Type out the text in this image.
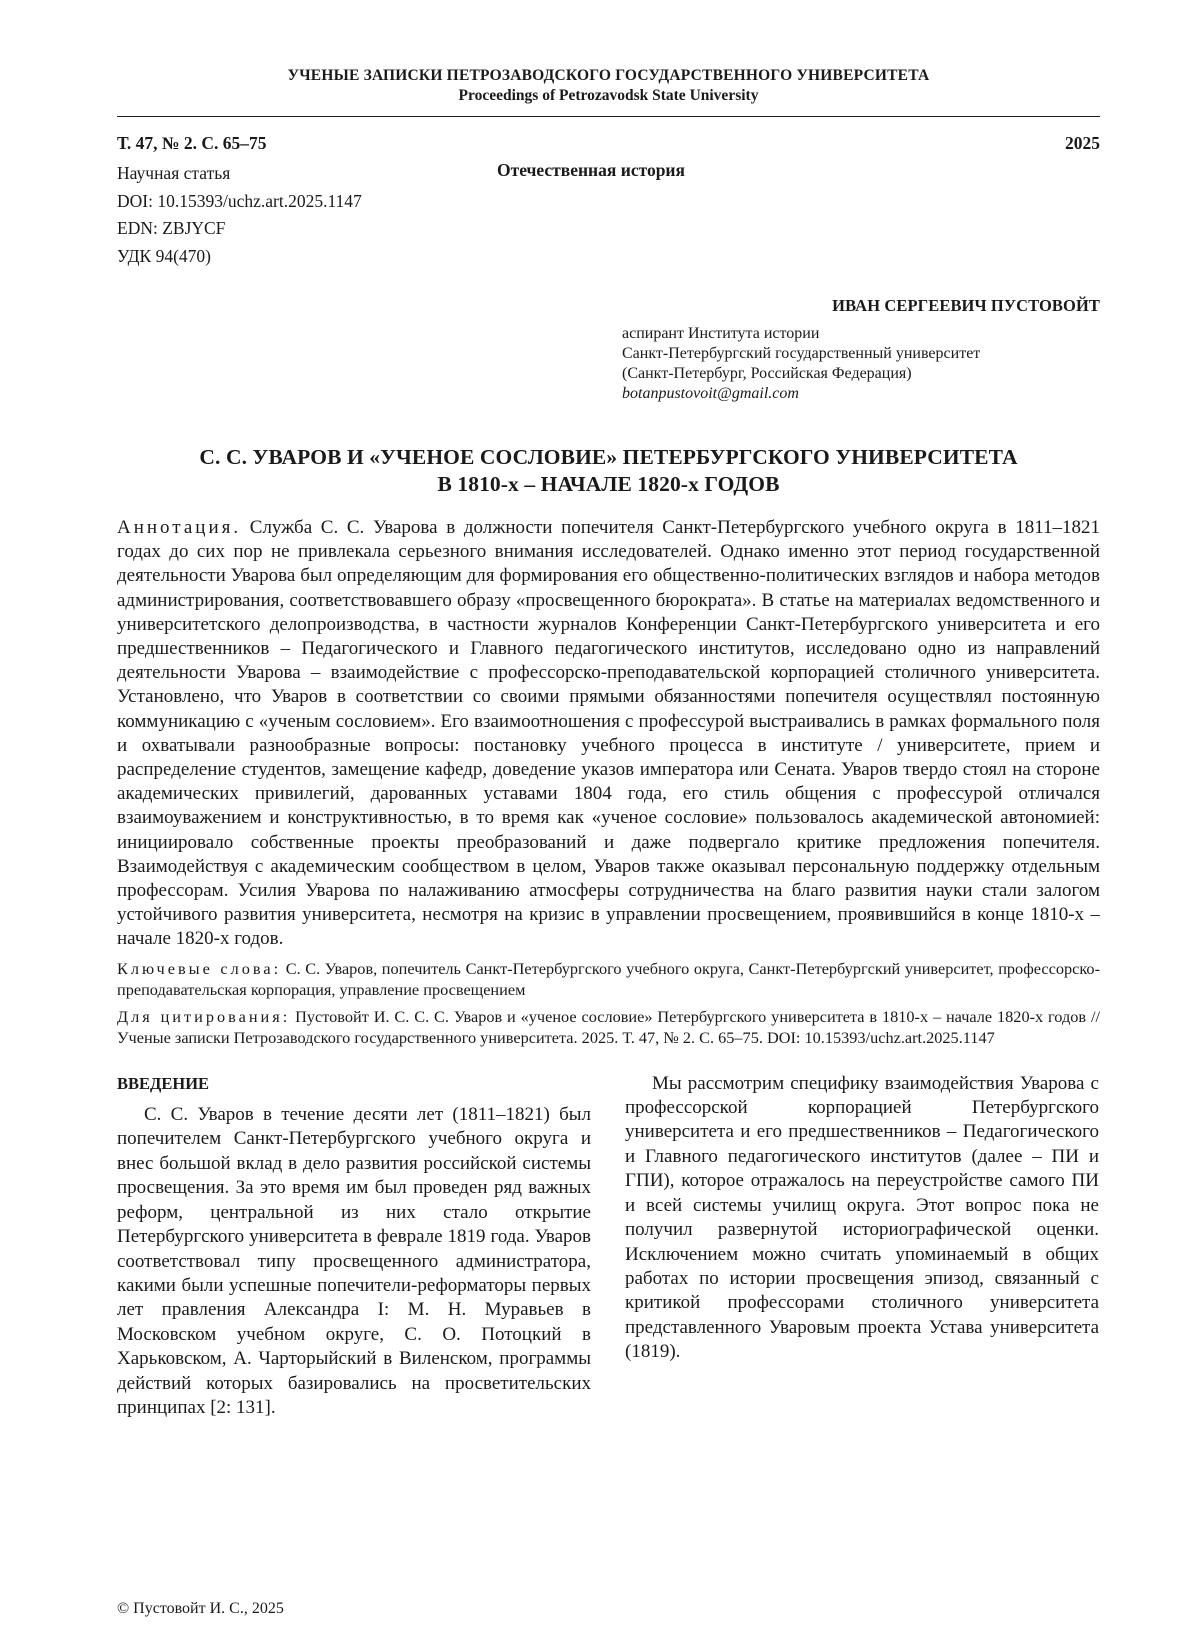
УЧЕНЫЕ ЗАПИСКИ ПЕТРОЗАВОДСКОГО ГОСУДАРСТВЕННОГО УНИВЕРСИТЕТА
Proceedings of Petrozavodsk State University
Т. 47, № 2. С. 65–75	2025
Научная статья
DOI: 10.15393/uchz.art.2025.1147
EDN: ZBJYCF
УДК 94(470)
Отечественная история
ИВАН СЕРГЕЕВИЧ ПУСТОВОЙТ
аспирант Института истории
Санкт-Петербургский государственный университет
(Санкт-Петербург, Российская Федерация)
botanpustovoit@gmail.com
С. С. УВАРОВ И «УЧЕНОЕ СОСЛОВИЕ» ПЕТЕРБУРГСКОГО УНИВЕРСИТЕТА
В 1810-х – НАЧАЛЕ 1820-х ГОДОВ
Аннотация. Служба С. С. Уварова в должности попечителя Санкт-Петербургского учебного округа в 1811–1821 годах до сих пор не привлекала серьезного внимания исследователей. Однако именно этот период государственной деятельности Уварова был определяющим для формирования его общественно-политических взглядов и набора методов администрирования, соответствовавшего образу «просвещенного бюрократа». В статье на материалах ведомственного и университетского делопроизводства, в частности журналов Конференции Санкт-Петербургского университета и его предшественников – Педагогического и Главного педагогического институтов, исследовано одно из направлений деятельности Уварова – взаимодействие с профессорско-преподавательской корпорацией столичного университета. Установлено, что Уваров в соответствии со своими прямыми обязанностями попечителя осуществлял постоянную коммуникацию с «ученым сословием». Его взаимоотношения с профессурой выстраивались в рамках формального поля и охватывали разнообразные вопросы: постановку учебного процесса в институте / университете, прием и распределение студентов, замещение кафедр, доведение указов императора или Сената. Уваров твердо стоял на стороне академических привилегий, дарованных уставами 1804 года, его стиль общения с профессурой отличался взаимоуважением и конструктивностью, в то время как «ученое сословие» пользовалось академической автономией: инициировало собственные проекты преобразований и даже подвергало критике предложения попечителя. Взаимодействуя с академическим сообществом в целом, Уваров также оказывал персональную поддержку отдельным профессорам. Усилия Уварова по налаживанию атмосферы сотрудничества на благо развития науки стали залогом устойчивого развития университета, несмотря на кризис в управлении просвещением, проявившийся в конце 1810-х – начале 1820-х годов.
Ключевые слова: С. С. Уваров, попечитель Санкт-Петербургского учебного округа, Санкт-Петербургский университет, профессорско-преподавательская корпорация, управление просвещением
Для цитирования: Пустовойт И. С. С. С. Уваров и «ученое сословие» Петербургского университета в 1810-х – начале 1820-х годов // Ученые записки Петрозаводского государственного университета. 2025. Т. 47, № 2. С. 65–75. DOI: 10.15393/uchz.art.2025.1147
ВВЕДЕНИЕ

С. С. Уваров в течение десяти лет (1811–1821) был попечителем Санкт-Петербургского учебного округа и внес большой вклад в дело развития российской системы просвещения. За это время им был проведен ряд важных реформ, центральной из них стало открытие Петербургского университета в феврале 1819 года. Уваров соответствовал типу просвещенного администратора, какими были успешные попечители-реформаторы первых лет правления Александра I: М. Н. Муравьев в Московском учебном округе, С. О. Потоцкий в Харьковском, А. Чарторыйский в Виленском, программы действий которых базировались на просветительских принципах [2: 131].

Мы рассмотрим специфику взаимодействия Уварова с профессорской корпорацией Петербургского университета и его предшественников – Педагогического и Главного педагогического институтов (далее – ПИ и ГПИ), которое отражалось на переустройстве самого ПИ и всей системы училищ округа. Этот вопрос пока не получил развернутой историографической оценки. Исключением можно считать упоминаемый в общих работах по истории просвещения эпизод, связанный с критикой профессорами столичного университета представленного Уваровым проекта Устава университета (1819).

© Пустовойт И. С., 2025
